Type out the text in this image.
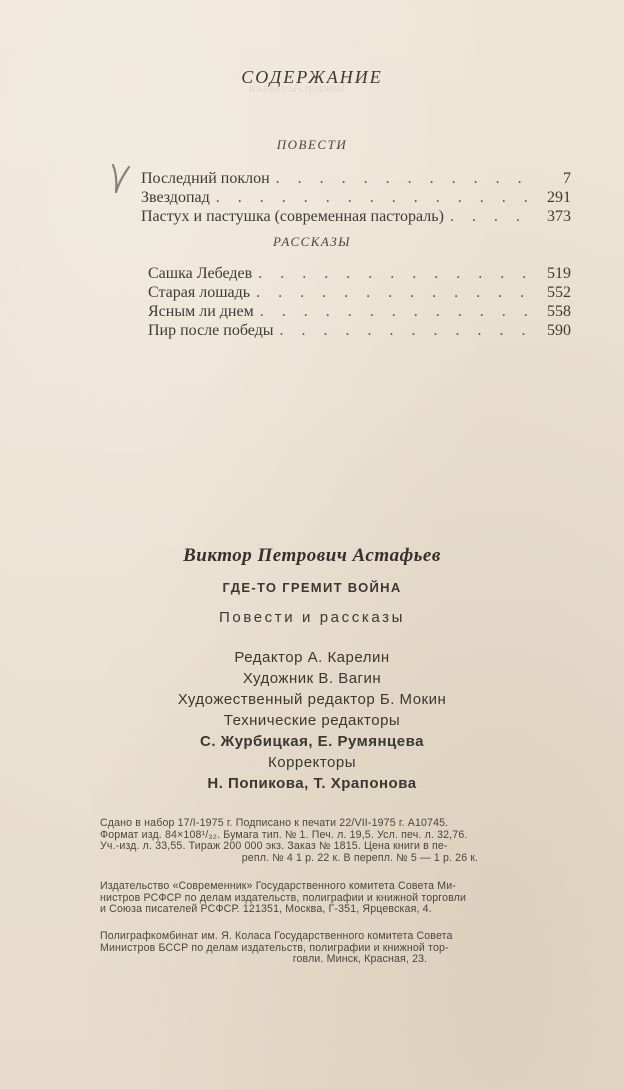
Виктор Астафьев
СОДЕРЖАНИЕ
ПОВЕСТИ
Последний поклон . . .	7
Звездопад . . .	291
Пастух и пастушка (современная пастораль) . . .	373
РАССКАЗЫ
Сашка Лебедев . . .	519
Старая лошадь . . .	552
Ясным ли днем . . .	558
Пир после победы . . .	590
Виктор Петрович Астафьев
ГДЕ-ТО ГРЕМИТ ВОЙНА
Повести и рассказы
Редактор А. Карелин
Художник В. Вагин
Художественный редактор Б. Мокин
Технические редакторы
С. Журбицкая, Е. Румянцева
Корректоры
Н. Попикова, Т. Храпонова
Сдано в набор 17/I-1975 г. Подписано к печати 22/VII-1975 г. А10745.
Формат изд. 84×108¹/₃₂. Бумага тип. № 1. Печ. л. 19,5. Усл. печ. л. 32,76.
Уч.-изд. л. 33,55. Тираж 200 000 экз. Заказ № 1815. Цена книги в пе-
репл. № 4 1 р. 22 к. В перепл. № 5 — 1 р. 26 к.
Издательство «Современник» Государственного комитета Совета Ми-
нистров РСФСР по делам издательств, полиграфии и книжной торговли
и Союза писателей РСФСР. 121351, Москва, Г-351, Ярцевская, 4.
Полиграфкомбинат им. Я. Коласа Государственного комитета Совета
Министров БССР по делам издательств, полиграфии и книжной тор-
говли. Минск, Красная, 23.
